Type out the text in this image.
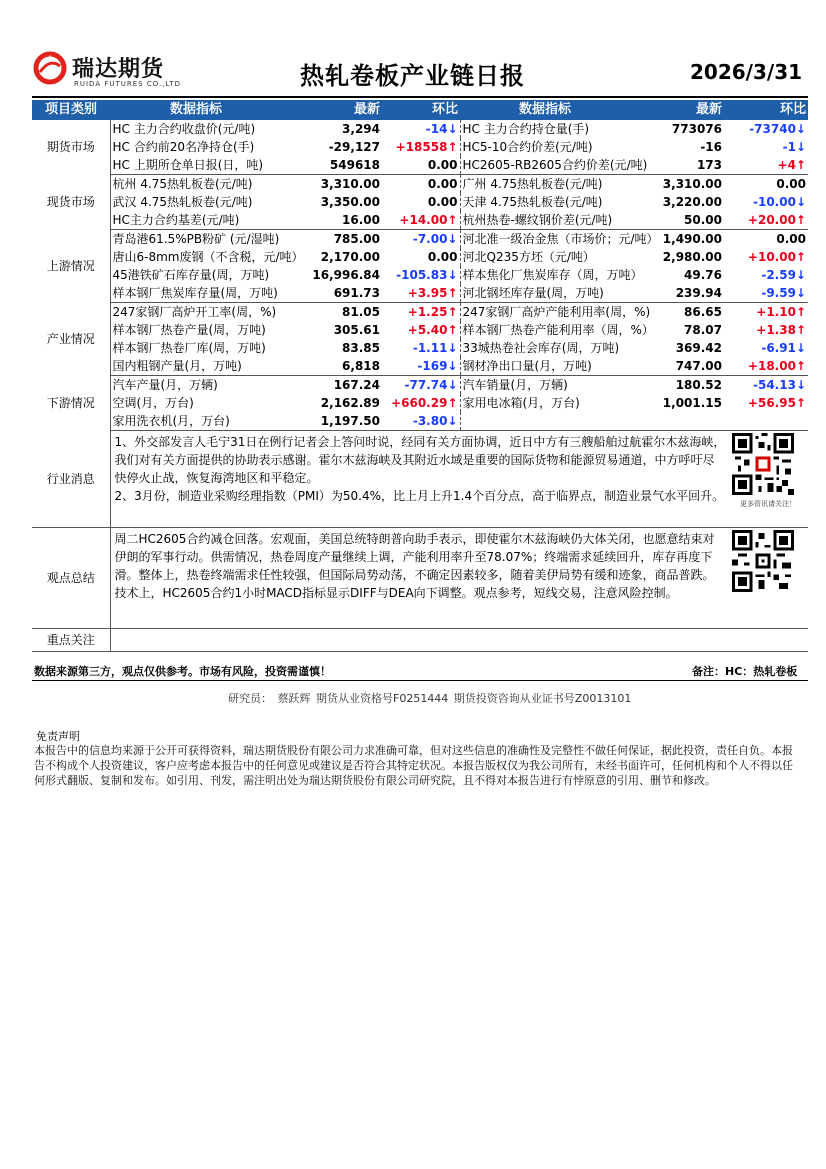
瑞达期货
RUIDA FUTURES CO.,LTD	热轧卷板产业链日报	2026/3/31
项目类别	数据指标	最新	环比	数据指标	最新	环比
期货市场	HC 主力合约收盘价(元/吨)	3,294	-14↓	HC 主力合约持仓量(手)	773076	-73740↓
	HC 合约前20名净持仓(手)	-29,127	+18558↑	HC5-10合约价差(元/吨)	-16	-1↓
	HC 上期所仓单日报(日，吨)	549618	0.00	HC2605-RB2605合约价差(元/吨)	173	+4↑
现货市场	杭州 4.75热轧板卷(元/吨)	3,310.00	0.00	广州 4.75热轧板卷(元/吨)	3,310.00	0.00
	武汉 4.75热轧板卷(元/吨)	3,350.00	0.00	天津 4.75热轧板卷(元/吨)	3,220.00	-10.00↓
	HC主力合约基差(元/吨)	16.00	+14.00↑	杭州热卷-螺纹钢价差(元/吨)	50.00	+20.00↑
上游情况	青岛港61.5%PB粉矿 (元/湿吨)	785.00	-7.00↓	河北准一级冶金焦（市场价；元/吨）	1,490.00	0.00
	唐山6-8mm废钢（不含税，元/吨）	2,170.00	0.00	河北Q235方坯（元/吨）	2,980.00	+10.00↑
	45港铁矿石库存量(周，万吨)	16,996.84	-105.83↓	样本焦化厂焦炭库存（周，万吨）	49.76	-2.59↓
	样本钢厂焦炭库存量(周，万吨)	691.73	+3.95↑	河北钢坯库存量(周，万吨)	239.94	-9.59↓
产业情况	247家钢厂高炉开工率(周，%)	81.05	+1.25↑	247家钢厂高炉产能利用率(周，%)	86.65	+1.10↑
	样本钢厂热卷产量(周，万吨)	305.61	+5.40↑	样本钢厂热卷产能利用率（周，%）	78.07	+1.38↑
	样本钢厂热卷厂库(周，万吨)	83.85	-1.11↓	33城热卷社会库存(周，万吨)	369.42	-6.91↓
	国内粗钢产量(月，万吨)	6,818	-169↓	钢材净出口量(月，万吨)	747.00	+18.00↑
下游情况	汽车产量(月，万辆)	167.24	-77.74↓	汽车销量(月，万辆)	180.52	-54.13↓
	空调(月，万台)	2,162.89	+660.29↑	家用电冰箱(月，万台)	1,001.15	+56.95↑
	家用洗衣机(月，万台)	1,197.50	-3.80↓			
行业消息	1、外交部发言人毛宁31日在例行记者会上答问时说，经同有关方面协调，近日中方有三艘船舶过航霍尔木兹海峡，我们对有关方面提供的协助表示感谢。霍尔木兹海峡及其附近水域是重要的国际货物和能源贸易通道，中方呼吁尽快停火止战，恢复海湾地区和平稳定。
2、3月份，制造业采购经理指数（PMI）为50.4%，比上月上升1.4个百分点，高于临界点，制造业景气水平回升。
更多资讯请关注！					

观点总结	周二HC2605合约减仓回落。宏观面，美国总统特朗普向助手表示，即使霍尔木兹海峡仍大体关闭，也愿意结束对伊朗的军事行动。供需情况，热卷周度产量继续上调，产能利用率升至78.07%；终端需求延续回升，库存再度下滑。整体上，热卷终端需求任性较强，但国际局势动荡，不确定因素较多，随着美伊局势有缓和迹象，商品普跌。技术上，HC2605合约1小时MACD指标显示DIFF与DEA向下调整。观点参考，短线交易，注意风险控制。					

重点关注						
数据来源第三方，观点仅供参考。市场有风险，投资需谨慎！	备注：HC：热轧卷板
研究员： 蔡跃辉 期货从业资格号F0251444 期货投资咨询从业证书号Z0013101
免责声明
本报告中的信息均来源于公开可获得资料，瑞达期货股份有限公司力求准确可靠，但对这些信息的准确性及完整性不做任何保证，据此投资，责任自负。本报告不构成个人投资建议，客户应考虑本报告中的任何意见或建议是否符合其特定状况。本报告版权仅为我公司所有，未经书面许可，任何机构和个人不得以任何形式翻版、复制和发布。如引用、刊发，需注明出处为瑞达期货股份有限公司研究院，且不得对本报告进行有悖原意的引用、删节和修改。
